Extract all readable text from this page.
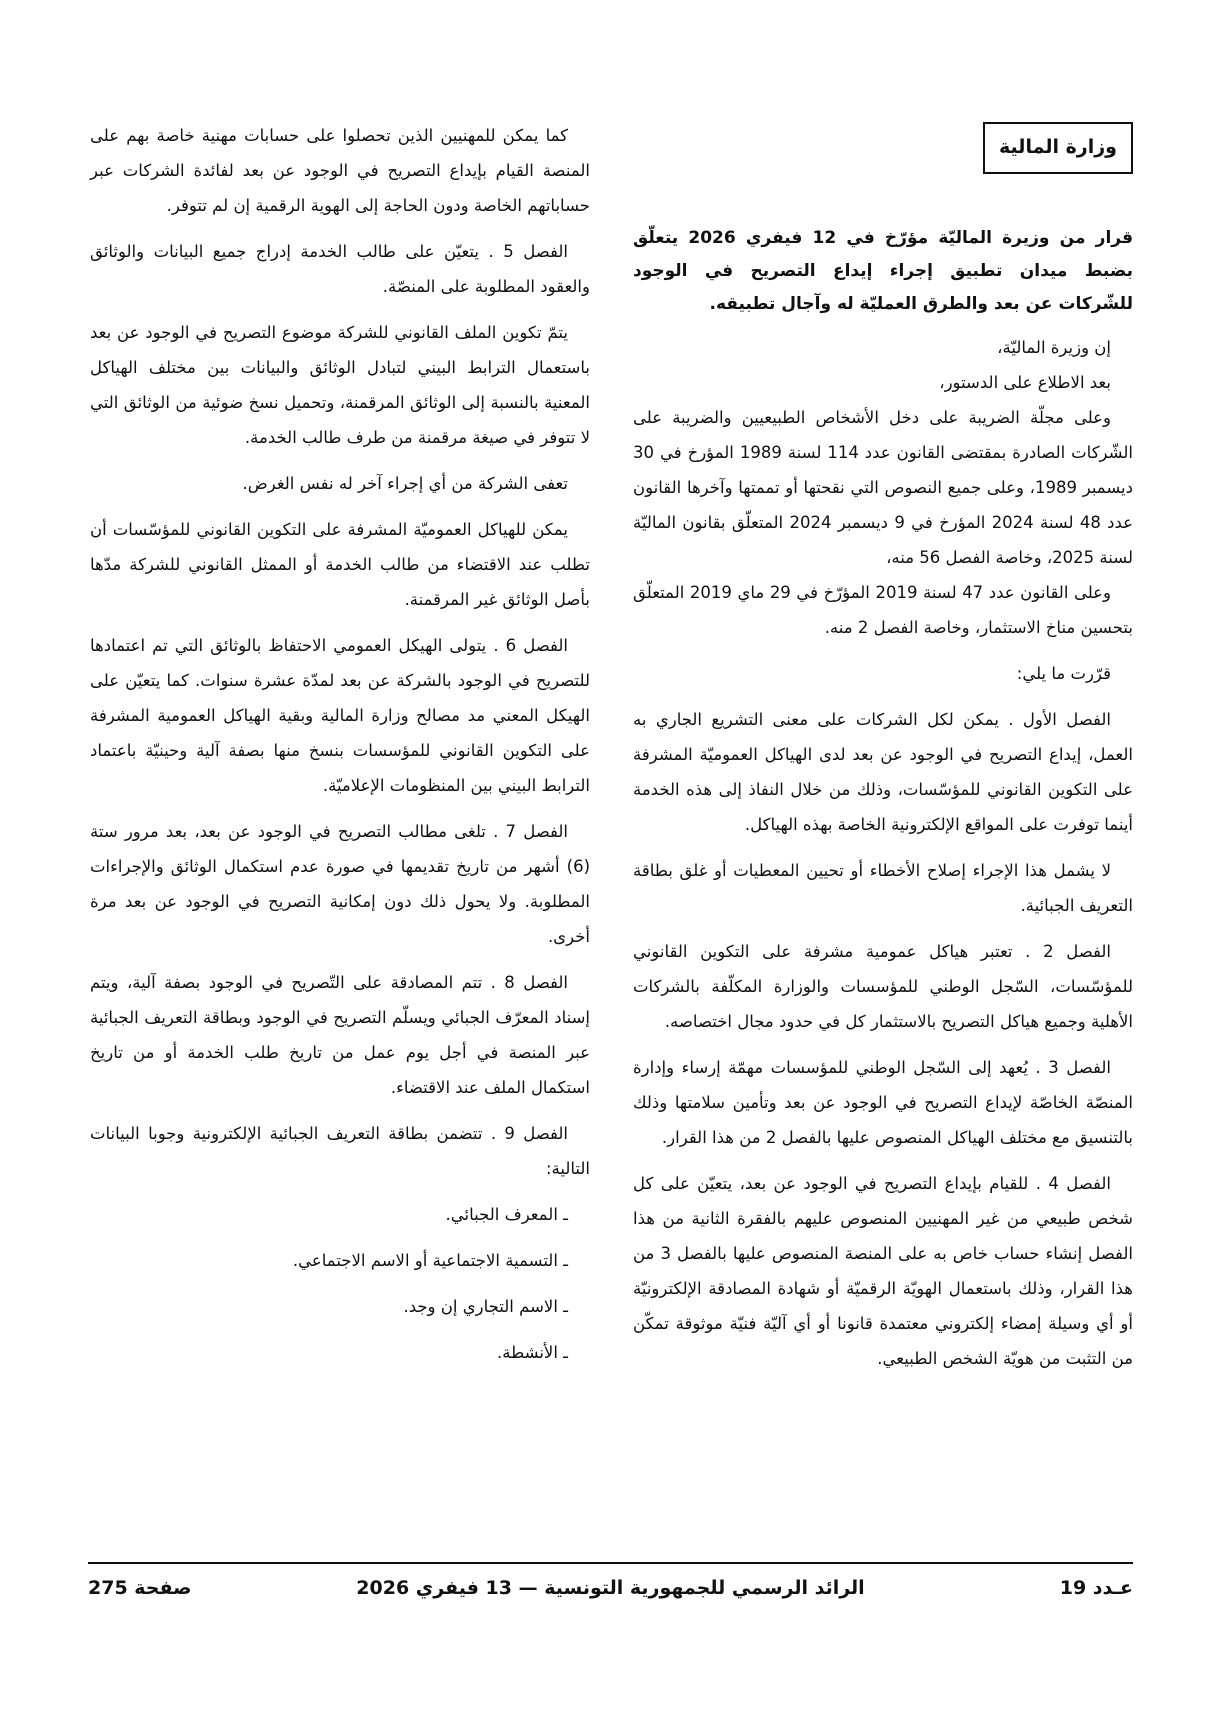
وزارة المالية

قرار من وزيرة الماليّة مؤرّخ في 12 فيفري 2026 يتعلّق بضبط ميدان تطبيق إجراء إيداع التصريح في الوجود للشّركات عن بعد والطرق العمليّة له وآجال تطبيقه.

إن وزيرة الماليّة،

بعد الاطلاع على الدستور،

وعلى مجلّة الضريبة على دخل الأشخاص الطبيعيين والضريبة على الشّركات الصادرة بمقتضى القانون عدد 114 لسنة 1989 المؤرخ في 30 ديسمبر 1989، وعلى جميع النصوص التي نقحتها أو تممتها وآخرها القانون عدد 48 لسنة 2024 المؤرخ في 9 ديسمبر 2024 المتعلّق بقانون الماليّة لسنة 2025، وخاصة الفصل 56 منه،

وعلى القانون عدد 47 لسنة 2019 المؤرّخ في 29 ماي 2019 المتعلّق بتحسين مناخ الاستثمار، وخاصة الفصل 2 منه.

قرّرت ما يلي:

الفصل الأول . يمكن لكل الشركات على معنى التشريع الجاري به العمل، إيداع التصريح في الوجود عن بعد لدى الهياكل العموميّة المشرفة على التكوين القانوني للمؤسّسات، وذلك من خلال النفاذ إلى هذه الخدمة أينما توفرت على المواقع الإلكترونية الخاصة بهذه الهياكل.

لا يشمل هذا الإجراء إصلاح الأخطاء أو تحيين المعطيات أو غلق بطاقة التعريف الجبائية.

الفصل 2 . تعتبر هياكل عمومية مشرفة على التكوين القانوني للمؤسّسات، السّجل الوطني للمؤسسات والوزارة المكلّفة بالشركات الأهلية وجميع هياكل التصريح بالاستثمار كل في حدود مجال اختصاصه.

الفصل 3 . يُعهد إلى السّجل الوطني للمؤسسات مهمّة إرساء وإدارة المنصّة الخاصّة لإيداع التصريح في الوجود عن بعد وتأمين سلامتها وذلك بالتنسيق مع مختلف الهياكل المنصوص عليها بالفصل 2 من هذا القرار.

الفصل 4 . للقيام بإيداع التصريح في الوجود عن بعد، يتعيّن على كل شخص طبيعي من غير المهنيين المنصوص عليهم بالفقرة الثانية من هذا الفصل إنشاء حساب خاص به على المنصة المنصوص عليها بالفصل 3 من هذا القرار، وذلك باستعمال الهويّة الرقميّة أو شهادة المصادقة الإلكترونيّة أو أي وسيلة إمضاء إلكتروني معتمدة قانونا أو أي آليّة فنيّة موثوقة تمكّن من التثبت من هويّة الشخص الطبيعي.

كما يمكن للمهنيين الذين تحصلوا على حسابات مهنية خاصة بهم على المنصة القيام بإيداع التصريح في الوجود عن بعد لفائدة الشركات عبر حساباتهم الخاصة ودون الحاجة إلى الهوية الرقمية إن لم تتوفر.

الفصل 5 . يتعيّن على طالب الخدمة إدراج جميع البيانات والوثائق والعقود المطلوبة على المنصّة.

يتمّ تكوين الملف القانوني للشركة موضوع التصريح في الوجود عن بعد باستعمال الترابط البيني لتبادل الوثائق والبيانات بين مختلف الهياكل المعنية بالنسبة إلى الوثائق المرقمنة، وتحميل نسخ ضوئية من الوثائق التي لا تتوفر في صيغة مرقمنة من طرف طالب الخدمة.

تعفى الشركة من أي إجراء آخر له نفس الغرض.

يمكن للهياكل العموميّة المشرفة على التكوين القانوني للمؤسّسات أن تطلب عند الاقتضاء من طالب الخدمة أو الممثل القانوني للشركة مدّها بأصل الوثائق غير المرقمنة.

الفصل 6 . يتولى الهيكل العمومي الاحتفاظ بالوثائق التي تم اعتمادها للتصريح في الوجود بالشركة عن بعد لمدّة عشرة سنوات. كما يتعيّن على الهيكل المعني مد مصالح وزارة المالية وبقية الهياكل العمومية المشرفة على التكوين القانوني للمؤسسات بنسخ منها بصفة آلية وحينيّة باعتماد الترابط البيني بين المنظومات الإعلاميّة.

الفصل 7 . تلغى مطالب التصريح في الوجود عن بعد، بعد مرور ستة (6) أشهر من تاريخ تقديمها في صورة عدم استكمال الوثائق والإجراءات المطلوبة. ولا يحول ذلك دون إمكانية التصريح في الوجود عن بعد مرة أخرى.

الفصل 8 . تتم المصادقة على التّصريح في الوجود بصفة آلية، ويتم إسناد المعرّف الجبائي ويسلّم التصريح في الوجود وبطاقة التعريف الجبائية عبر المنصة في أجل يوم عمل من تاريخ طلب الخدمة أو من تاريخ استكمال الملف عند الاقتضاء.

الفصل 9 . تتضمن بطاقة التعريف الجبائية الإلكترونية وجوبا البيانات التالية:

ـ المعرف الجبائي.
ـ التسمية الاجتماعية أو الاسم الاجتماعي.
ـ الاسم التجاري إن وجد.
ـ الأنشطة.
عـدد 19
الرائد الرسمي للجمهورية التونسية — 13 فيفري 2026
صفحة 275
